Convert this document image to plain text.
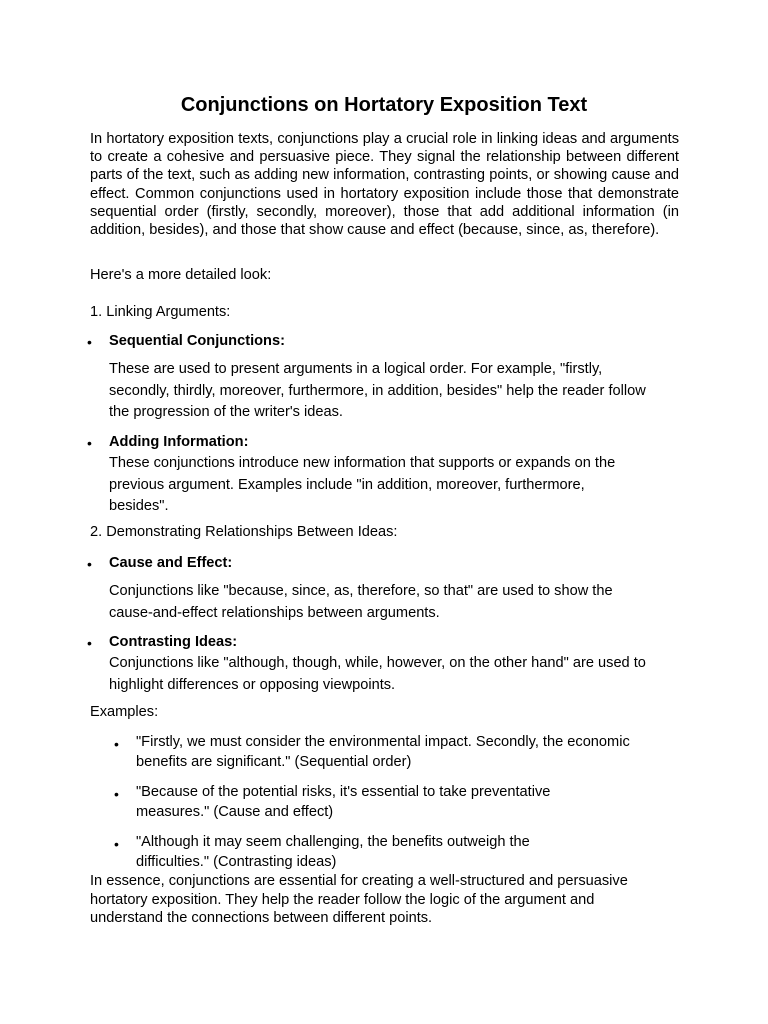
Conjunctions on Hortatory Exposition Text

In hortatory exposition texts, conjunctions play a crucial role in linking ideas and arguments to create a cohesive and persuasive piece. They signal the relationship between different parts of the text, such as adding new information, contrasting points, or showing cause and effect. Common conjunctions used in hortatory exposition include those that demonstrate sequential order (firstly, secondly, moreover), those that add additional information (in addition, besides), and those that show cause and effect (because, since, as, therefore).

Here's a more detailed look:

1. Linking Arguments:

• Sequential Conjunctions:

These are used to present arguments in a logical order. For example, "firstly,
secondly, thirdly, moreover, furthermore, in addition, besides" help the reader follow
the progression of the writer's ideas.
• Adding Information:

These conjunctions introduce new information that supports or expands on the
previous argument. Examples include "in addition, moreover, furthermore,
besides".

2. Demonstrating Relationships Between Ideas:

• Cause and Effect:

Conjunctions like "because, since, as, therefore, so that" are used to show the
cause-and-effect relationships between arguments.
• Contrasting Ideas:

Conjunctions like "although, though, while, however, on the other hand" are used to
highlight differences or opposing viewpoints.

Examples:

• "Firstly, we must consider the environmental impact. Secondly, the economic
benefits are significant." (Sequential order)
• "Because of the potential risks, it's essential to take preventative
measures." (Cause and effect)
• "Although it may seem challenging, the benefits outweigh the
difficulties." (Contrasting ideas)
In essence, conjunctions are essential for creating a well-structured and persuasive
hortatory exposition. They help the reader follow the logic of the argument and
understand the connections between different points.
